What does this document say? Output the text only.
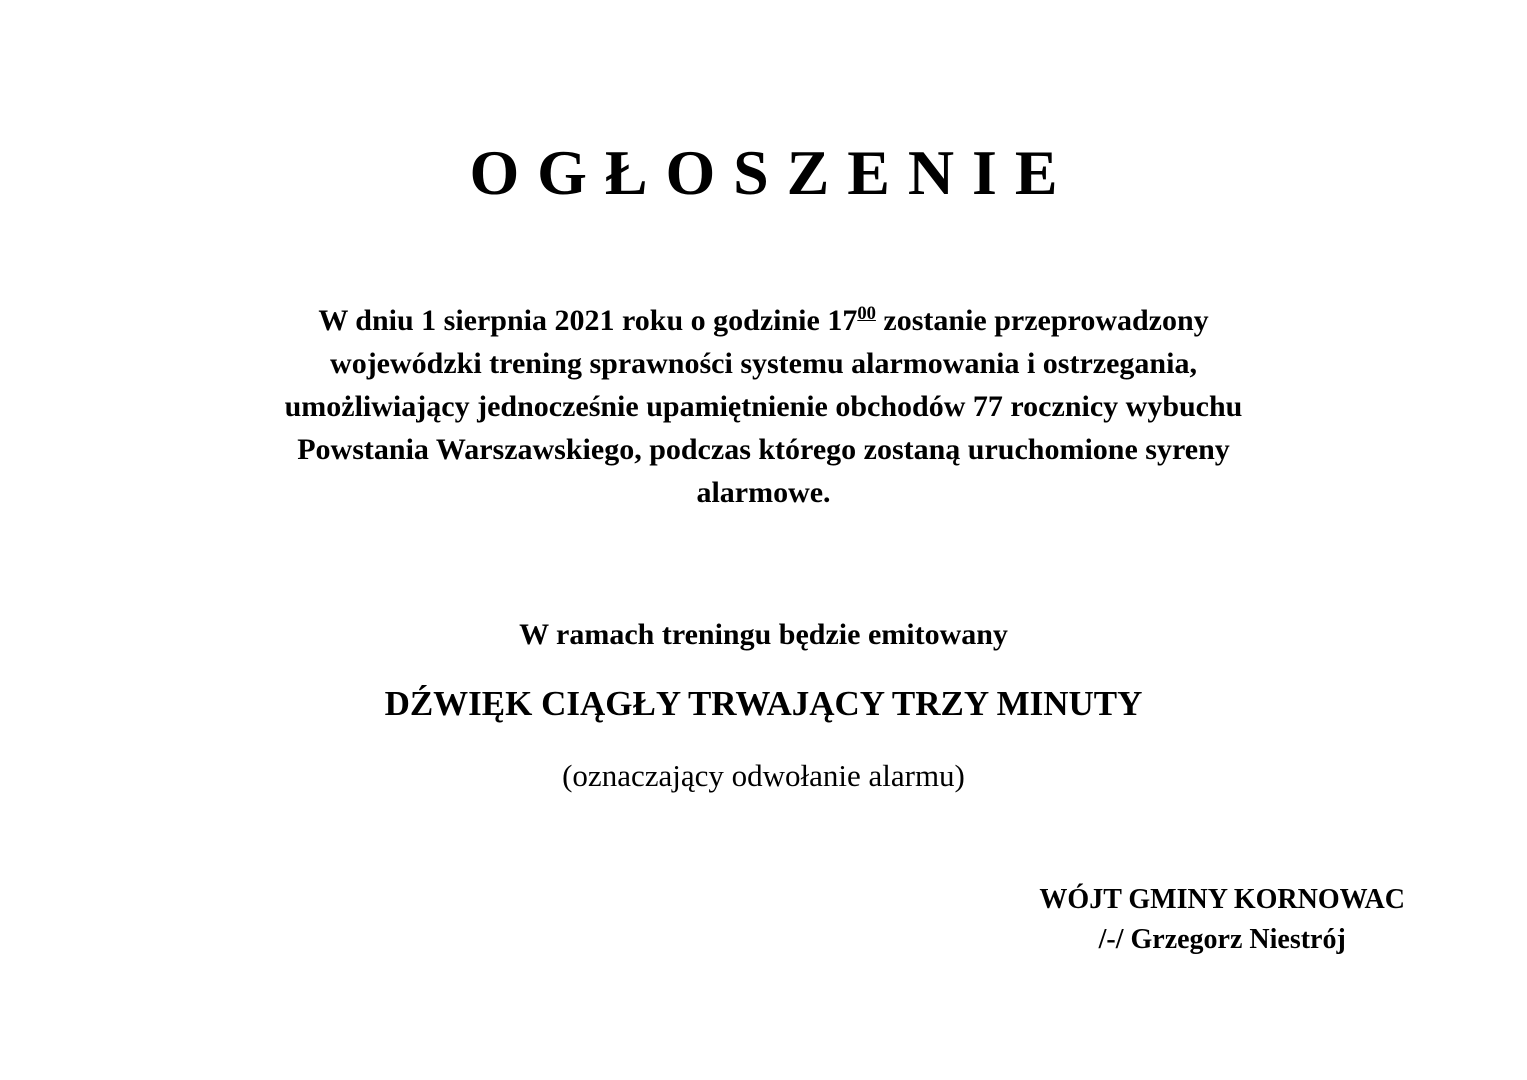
OGŁOSZENIE
W dniu 1 sierpnia 2021 roku o godzinie $17^{00}$ zostanie przeprowadzony
wojewódzki trening sprawności systemu alarmowania i ostrzegania,
umożliwiający jednocześnie upamiętnienie obchodów 77 rocznicy wybuchu
Powstania Warszawskiego, podczas którego zostaną uruchomione syreny
alarmowe.
W ramach treningu będzie emitowany
DŹWIĘK CIĄGŁY TRWAJĄCY TRZY MINUTY
(oznaczający odwołanie alarmu)
WÓJT GMINY KORNOWAC
/-/ Grzegorz Niestrój
